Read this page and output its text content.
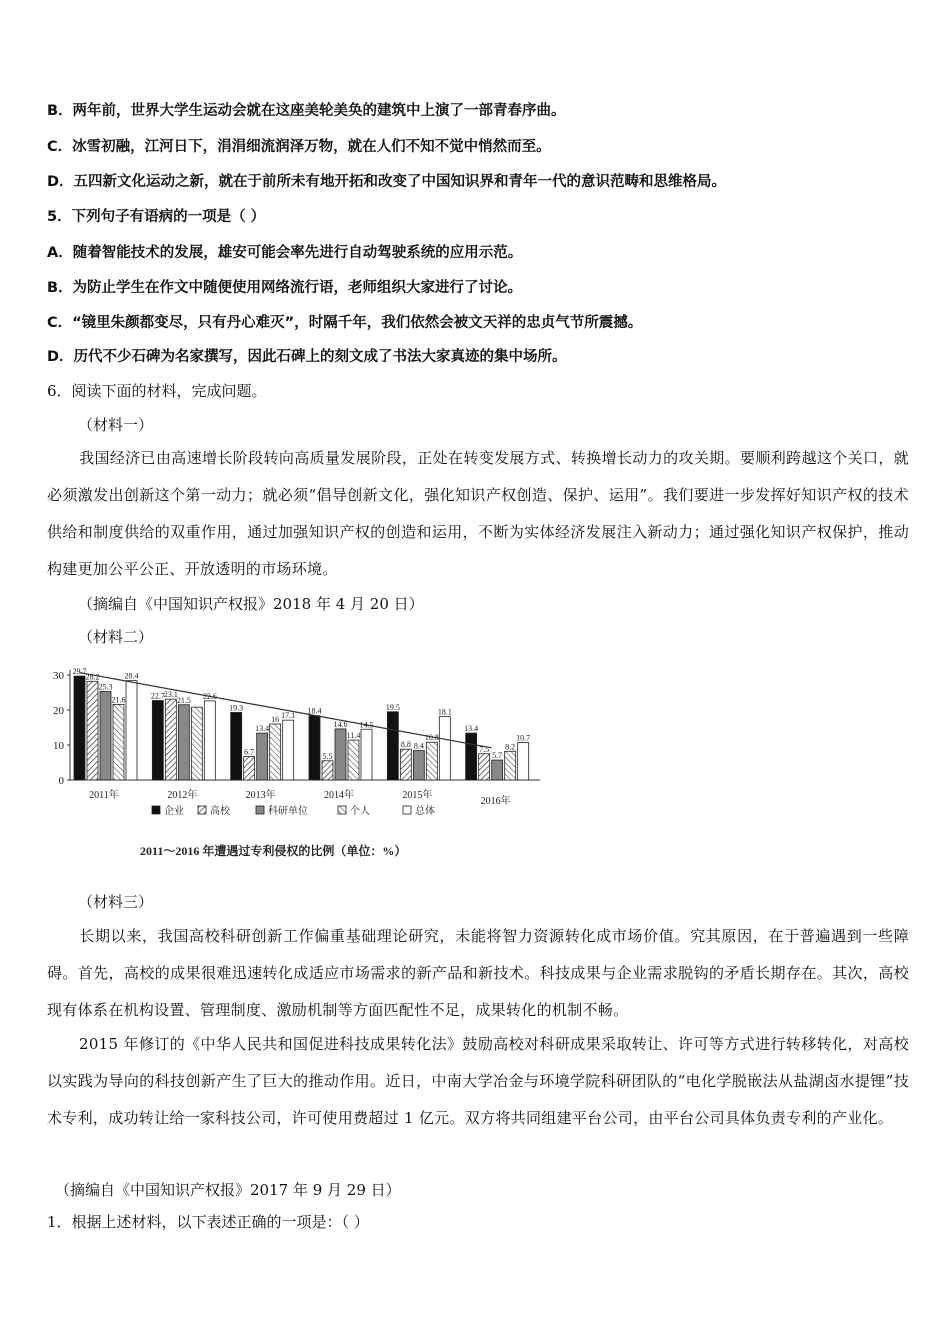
B．两年前，世界大学生运动会就在这座美轮美奂的建筑中上演了一部青春序曲。
C．冰雪初融，江河日下，涓涓细流润泽万物，就在人们不知不觉中悄然而至。
D．五四新文化运动之新，就在于前所未有地开拓和改变了中国知识界和青年一代的意识范畴和思维格局。
5．下列句子有语病的一项是（ ）
A．随着智能技术的发展，雄安可能会率先进行自动驾驶系统的应用示范。
B．为防止学生在作文中随便使用网络流行语，老师组织大家进行了讨论。
C．“镜里朱颜都变尽，只有丹心难灭”，时隔千年，我们依然会被文天祥的忠贞气节所震撼。
D．历代不少石碑为名家撰写，因此石碑上的刻文成了书法大家真迹的集中场所。
6．阅读下面的材料，完成问题。
（材料一）
我国经济已由高速增长阶段转向高质量发展阶段，正处在转变发展方式、转换增长动力的攻关期。要顺利跨越这个关口，就必须激发出创新这个第一动力；就必须“倡导创新文化，强化知识产权创造、保护、运用”。我们要进一步发挥好知识产权的技术供给和制度供给的双重作用，通过加强知识产权的创造和运用，不断为实体经济发展注入新动力；通过强化知识产权保护，推动构建更加公平公正、开放透明的市场环境。
（摘编自《中国知识产权报》2018 年 4 月 20 日）
（材料二）
0
10
20
30
2011年	2012年	2013年	2014年	2015年
2016年
29.7
28.2
25.3
21.6
28.4
22.7 23.1
21.5 22.6
19.3
6.7
13.4
16 17.1
18.4
5.5
14.6
11.4
14.5
19.5
8.8 8.4
10.8
18.1
13.4
7.5
5.7
8.2
10.7
企业	高校	科研单位	个人	总体
2011～2016 年遭遇过专利侵权的比例（单位：%）
（材料三）
长期以来，我国高校科研创新工作偏重基础理论研究，未能将智力资源转化成市场价值。究其原因，在于普遍遇到一些障碍。首先，高校的成果很难迅速转化成适应市场需求的新产品和新技术。科技成果与企业需求脱钩的矛盾长期存在。其次，高校现有体系在机构设置、管理制度、激励机制等方面匹配性不足，成果转化的机制不畅。
2015 年修订的《中华人民共和国促进科技成果转化法》鼓励高校对科研成果采取转让、许可等方式进行转移转化，对高校以实践为导向的科技创新产生了巨大的推动作用。近日，中南大学冶金与环境学院科研团队的“电化学脱嵌法从盐湖卤水提锂”技术专利，成功转让给一家科技公司，许可使用费超过 1 亿元。双方将共同组建平台公司，由平台公司具体负责专利的产业化。
（摘编自《中国知识产权报》2017 年 9 月 29 日）
1．根据上述材料，以下表述正确的一项是：（ ）
